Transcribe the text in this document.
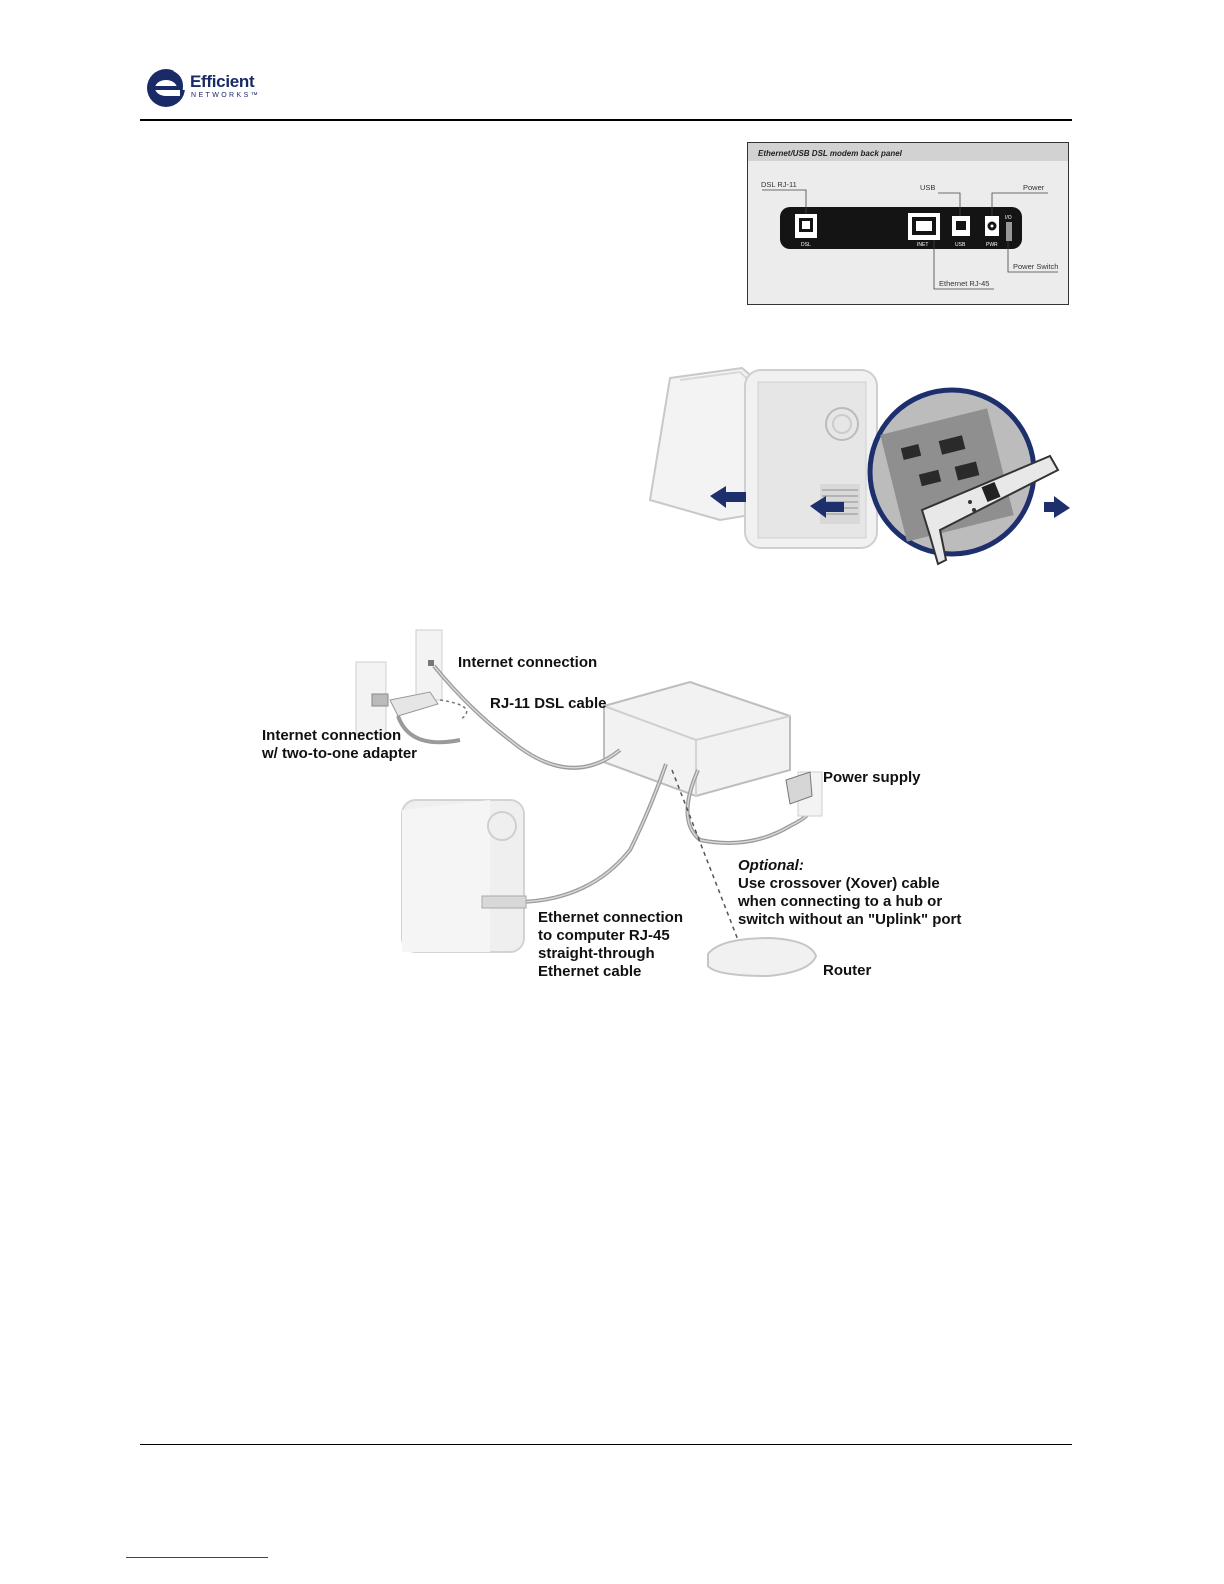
Efficient
NETWORKS™
Ethernet/USB DSL modem back panel
DSL	INET	USB	PWR
I/O
DSL RJ-11	USB	Power
Power Switch
Ethernet RJ-45
Internet connection
RJ-11 DSL cable
Internet connection
w/ two-to-one adapter
Power supply
Optional:
Use crossover (Xover) cable
when connecting to a hub or
switch without an "Uplink" port
Ethernet connection
to computer RJ-45
straight-through
Ethernet cable	Router
